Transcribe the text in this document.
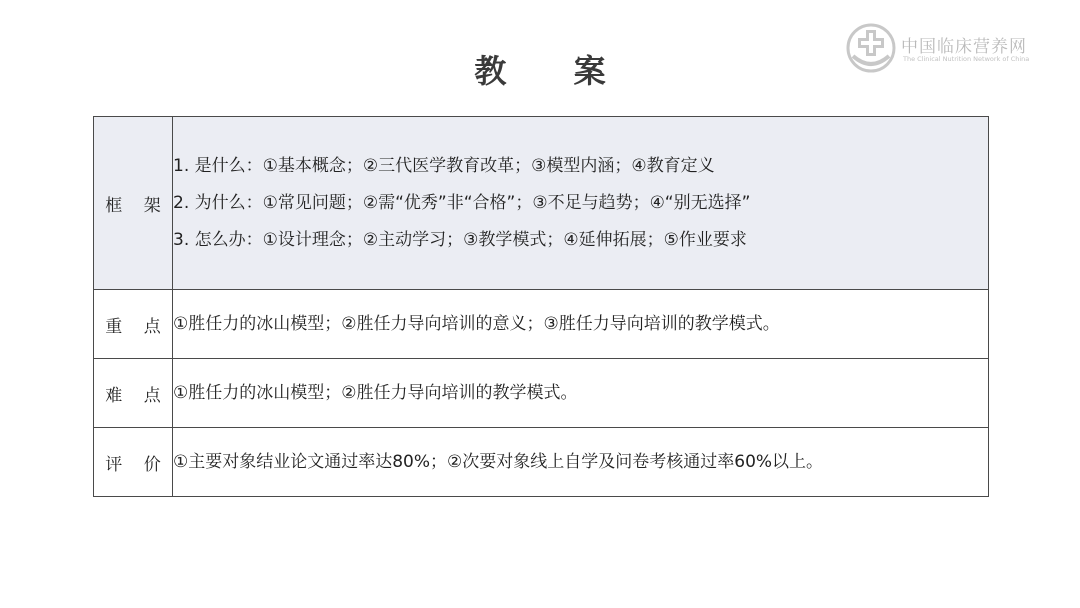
教 案
中国临床营养网
The Clinical Nutrition Network of China
框 架	1. 是什么：①基本概念；②三代医学教育改革；③模型内涵；④教育定义
2. 为什么：①常见问题；②需“优秀”非“合格”；③不足与趋势；④“别无选择”
3. 怎么办：①设计理念；②主动学习；③教学模式；④延伸拓展；⑤作业要求

重 点	①胜任力的冰山模型；②胜任力导向培训的意义；③胜任力导向培训的教学模式。

难 点	①胜任力的冰山模型；②胜任力导向培训的教学模式。

评 价	①主要对象结业论文通过率达80%；②次要对象线上自学及问卷考核通过率60%以上。
